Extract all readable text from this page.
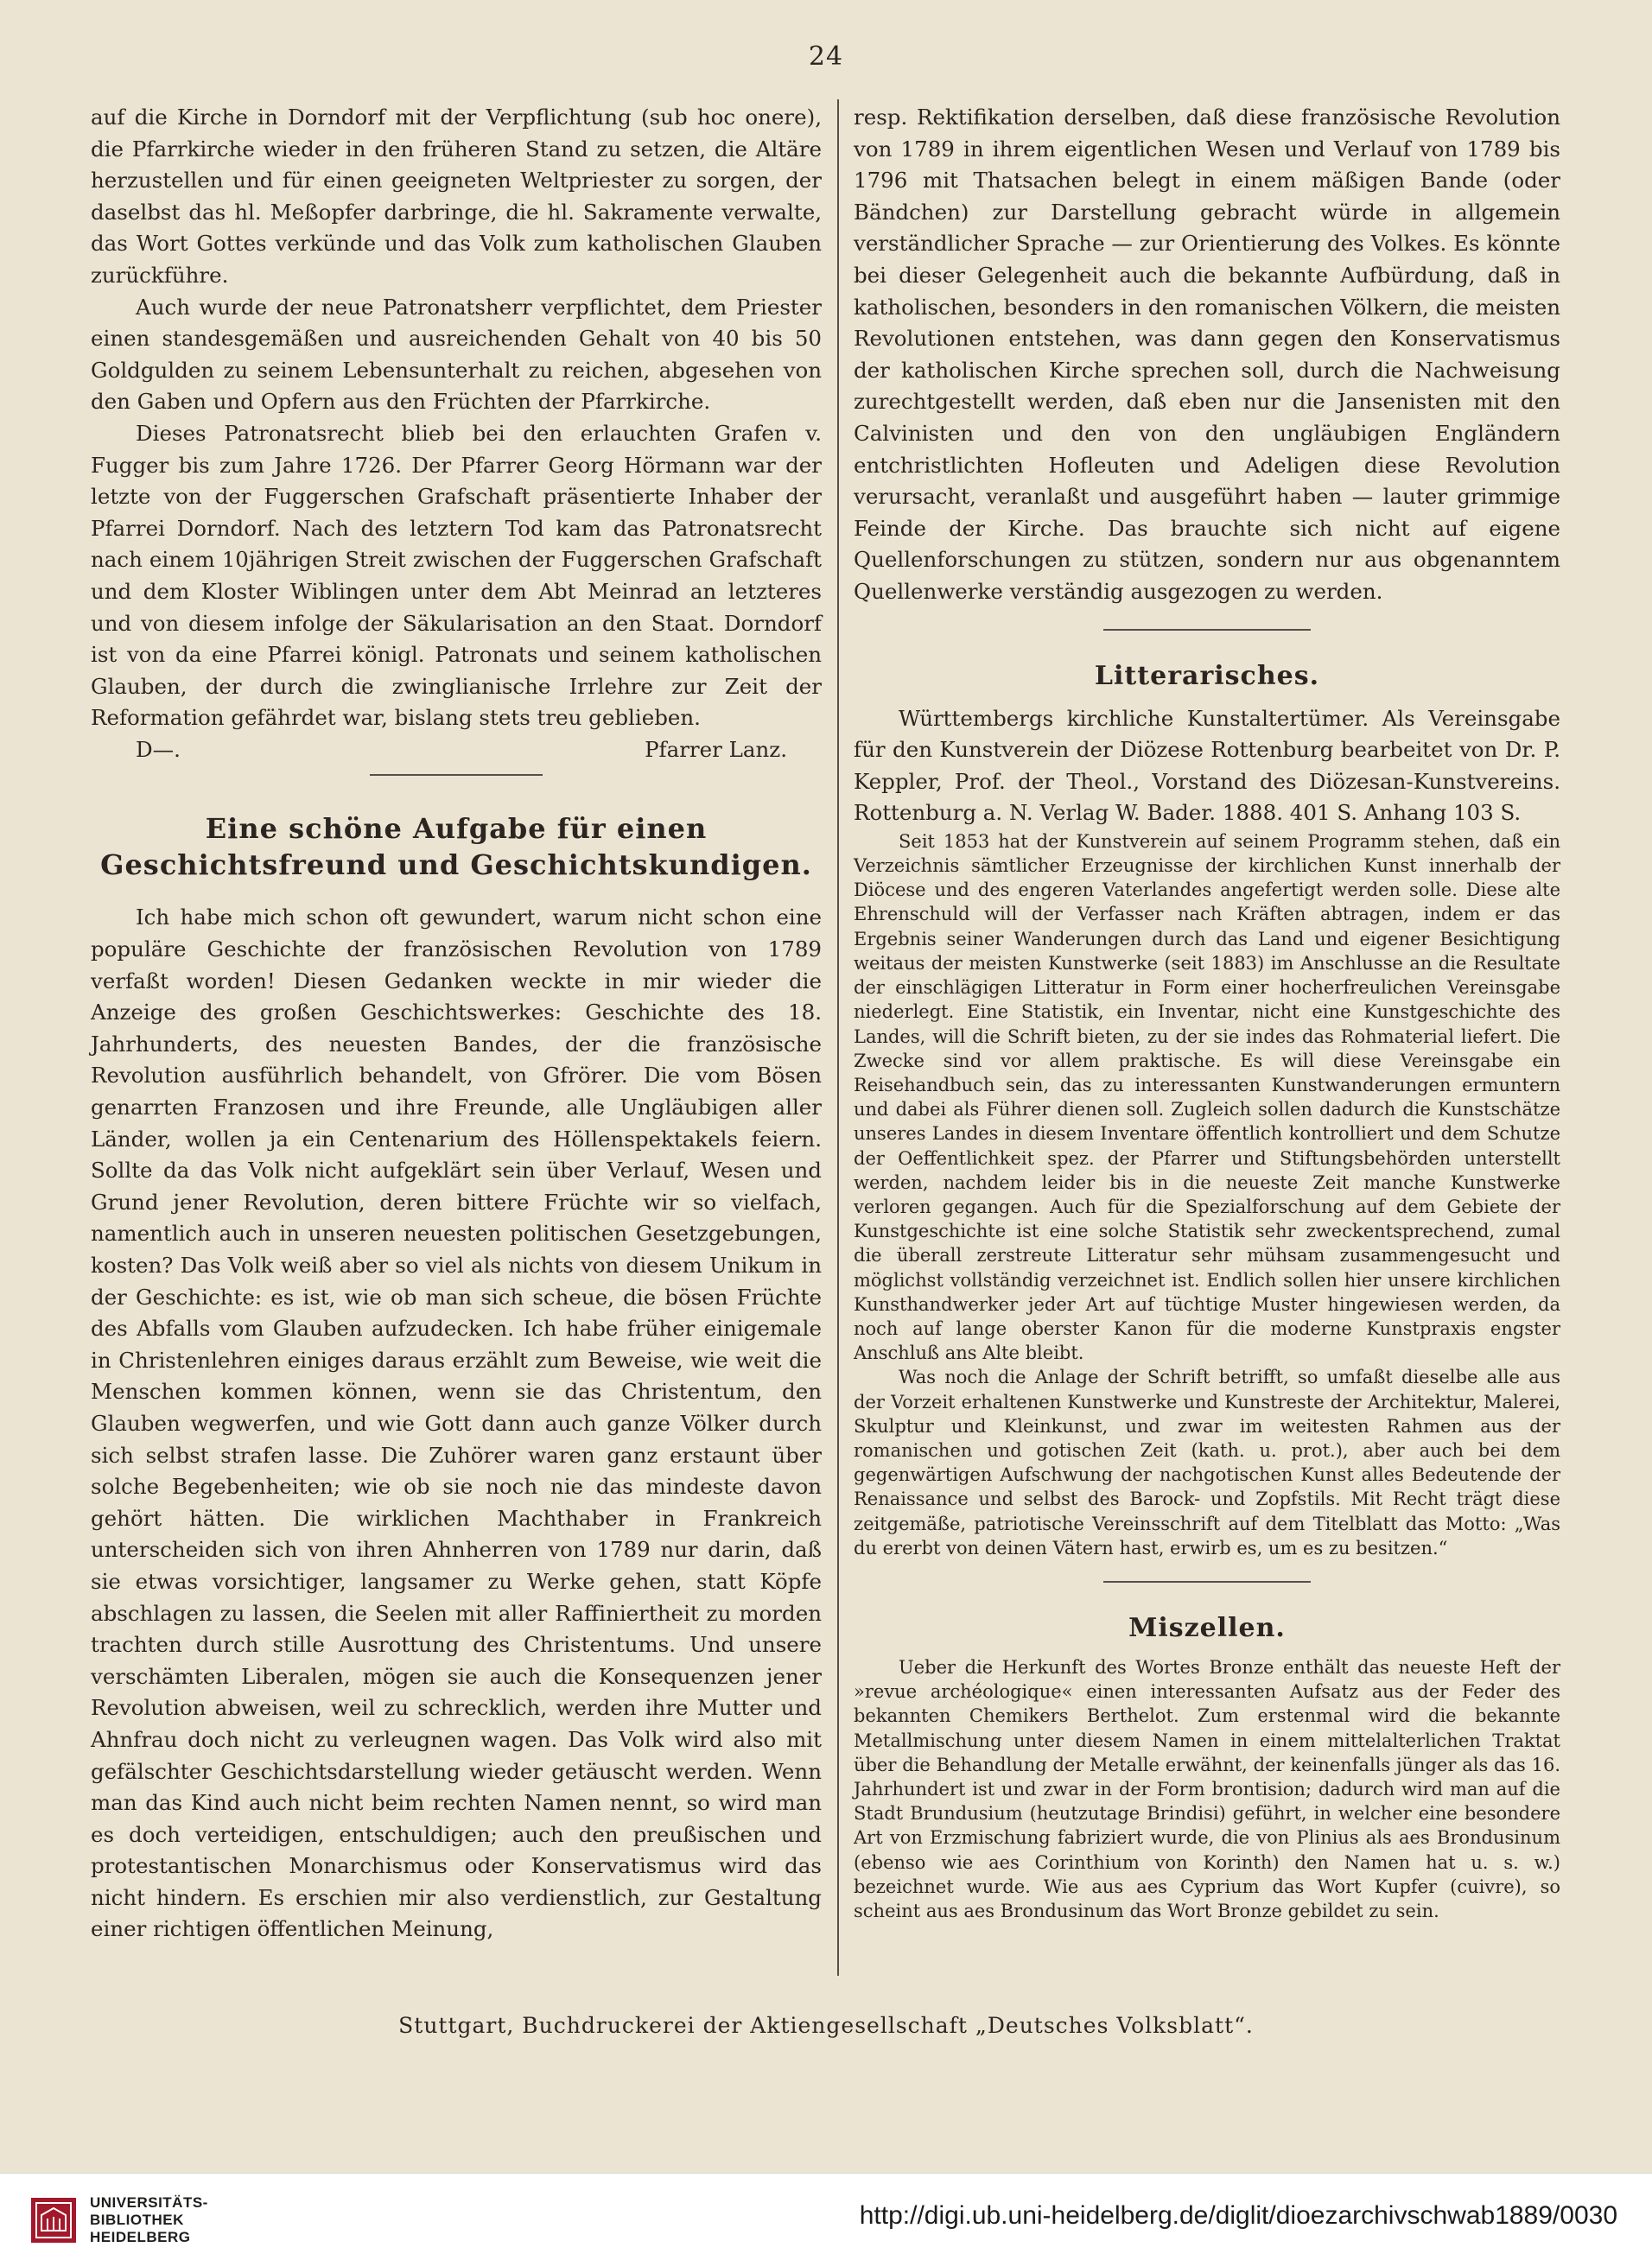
24

auf die Kirche in Dorndorf mit der Verpflichtung (sub hoc onere), die Pfarrkirche wieder in den früheren Stand zu setzen, die Altäre herzustellen und für einen geeigneten Weltpriester zu sorgen, der daselbst das hl. Meßopfer darbringe, die hl. Sakramente verwalte, das Wort Gottes verkünde und das Volk zum katholischen Glauben zurückführe.

Auch wurde der neue Patronatsherr verpflichtet, dem Priester einen standesgemäßen und ausreichenden Gehalt von 40 bis 50 Goldgulden zu seinem Lebensunterhalt zu reichen, abgesehen von den Gaben und Opfern aus den Früchten der Pfarrkirche.

Dieses Patronatsrecht blieb bei den erlauchten Grafen v. Fugger bis zum Jahre 1726. Der Pfarrer Georg Hörmann war der letzte von der Fuggerschen Grafschaft präsentierte Inhaber der Pfarrei Dorndorf. Nach des letztern Tod kam das Patronatsrecht nach einem 10jährigen Streit zwischen der Fuggerschen Grafschaft und dem Kloster Wiblingen unter dem Abt Meinrad an letzteres und von diesem infolge der Säkularisation an den Staat. Dorndorf ist von da eine Pfarrei königl. Patronats und seinem katholischen Glauben, der durch die zwinglianische Irrlehre zur Zeit der Reformation gefährdet war, bislang stets treu geblieben.

D—.	Pfarrer Lanz.
Eine schöne Aufgabe für einen Geschichtsfreund und Geschichtskundigen.

Ich habe mich schon oft gewundert, warum nicht schon eine populäre Geschichte der französischen Revolution von 1789 verfaßt worden! Diesen Gedanken weckte in mir wieder die Anzeige des großen Geschichtswerkes: Geschichte des 18. Jahrhunderts, des neuesten Bandes, der die französische Revolution ausführlich behandelt, von Gfrörer. Die vom Bösen genarrten Franzosen und ihre Freunde, alle Ungläubigen aller Länder, wollen ja ein Centenarium des Höllenspektakels feiern. Sollte da das Volk nicht aufgeklärt sein über Verlauf, Wesen und Grund jener Revolution, deren bittere Früchte wir so vielfach, namentlich auch in unseren neuesten politischen Gesetzgebungen, kosten? Das Volk weiß aber so viel als nichts von diesem Unikum in der Geschichte: es ist, wie ob man sich scheue, die bösen Früchte des Abfalls vom Glauben aufzudecken. Ich habe früher einigemale in Christenlehren einiges daraus erzählt zum Beweise, wie weit die Menschen kommen können, wenn sie das Christentum, den Glauben wegwerfen, und wie Gott dann auch ganze Völker durch sich selbst strafen lasse. Die Zuhörer waren ganz erstaunt über solche Begebenheiten; wie ob sie noch nie das mindeste davon gehört hätten. Die wirklichen Machthaber in Frankreich unterscheiden sich von ihren Ahnherren von 1789 nur darin, daß sie etwas vorsichtiger, langsamer zu Werke gehen, statt Köpfe abschlagen zu lassen, die Seelen mit aller Raffiniertheit zu morden trachten durch stille Ausrottung des Christentums. Und unsere verschämten Liberalen, mögen sie auch die Konsequenzen jener Revolution abweisen, weil zu schrecklich, werden ihre Mutter und Ahnfrau doch nicht zu verleugnen wagen. Das Volk wird also mit gefälschter Geschichtsdarstellung wieder getäuscht werden. Wenn man das Kind auch nicht beim rechten Namen nennt, so wird man es doch verteidigen, entschuldigen; auch den preußischen und protestantischen Monarchismus oder Konservatismus wird das nicht hindern. Es erschien mir also verdienstlich, zur Gestaltung einer richtigen öffentlichen Meinung,

resp. Rektifikation derselben, daß diese französische Revolution von 1789 in ihrem eigentlichen Wesen und Verlauf von 1789 bis 1796 mit Thatsachen belegt in einem mäßigen Bande (oder Bändchen) zur Darstellung gebracht würde in allgemein verständlicher Sprache — zur Orientierung des Volkes. Es könnte bei dieser Gelegenheit auch die bekannte Aufbürdung, daß in katholischen, besonders in den romanischen Völkern, die meisten Revolutionen entstehen, was dann gegen den Konservatismus der katholischen Kirche sprechen soll, durch die Nachweisung zurechtgestellt werden, daß eben nur die Jansenisten mit den Calvinisten und den von den ungläubigen Engländern entchristlichten Hofleuten und Adeligen diese Revolution verursacht, veranlaßt und ausgeführt haben — lauter grimmige Feinde der Kirche. Das brauchte sich nicht auf eigene Quellenforschungen zu stützen, sondern nur aus obgenanntem Quellenwerke verständig ausgezogen zu werden.

Litterarisches.

Württembergs kirchliche Kunstaltertümer. Als Vereinsgabe für den Kunstverein der Diözese Rottenburg bearbeitet von Dr. P. Keppler, Prof. der Theol., Vorstand des Diözesan-Kunstvereins. Rottenburg a. N. Verlag W. Bader. 1888. 401 S. Anhang 103 S.

Seit 1853 hat der Kunstverein auf seinem Programm stehen, daß ein Verzeichnis sämtlicher Erzeugnisse der kirchlichen Kunst innerhalb der Diöcese und des engeren Vaterlandes angefertigt werden solle. Diese alte Ehrenschuld will der Verfasser nach Kräften abtragen, indem er das Ergebnis seiner Wanderungen durch das Land und eigener Besichtigung weitaus der meisten Kunstwerke (seit 1883) im Anschlusse an die Resultate der einschlägigen Litteratur in Form einer hocherfreulichen Vereinsgabe niederlegt. Eine Statistik, ein Inventar, nicht eine Kunstgeschichte des Landes, will die Schrift bieten, zu der sie indes das Rohmaterial liefert. Die Zwecke sind vor allem praktische. Es will diese Vereinsgabe ein Reisehandbuch sein, das zu interessanten Kunstwanderungen ermuntern und dabei als Führer dienen soll. Zugleich sollen dadurch die Kunstschätze unseres Landes in diesem Inventare öffentlich kontrolliert und dem Schutze der Oeffentlichkeit spez. der Pfarrer und Stiftungsbehörden unterstellt werden, nachdem leider bis in die neueste Zeit manche Kunstwerke verloren gegangen. Auch für die Spezialforschung auf dem Gebiete der Kunstgeschichte ist eine solche Statistik sehr zweckentsprechend, zumal die überall zerstreute Litteratur sehr mühsam zusammengesucht und möglichst vollständig verzeichnet ist. Endlich sollen hier unsere kirchlichen Kunsthandwerker jeder Art auf tüchtige Muster hingewiesen werden, da noch auf lange oberster Kanon für die moderne Kunstpraxis engster Anschluß ans Alte bleibt.

Was noch die Anlage der Schrift betrifft, so umfaßt dieselbe alle aus der Vorzeit erhaltenen Kunstwerke und Kunstreste der Architektur, Malerei, Skulptur und Kleinkunst, und zwar im weitesten Rahmen aus der romanischen und gotischen Zeit (kath. u. prot.), aber auch bei dem gegenwärtigen Aufschwung der nachgotischen Kunst alles Bedeutende der Renaissance und selbst des Barock- und Zopfstils. Mit Recht trägt diese zeitgemäße, patriotische Vereinsschrift auf dem Titelblatt das Motto: „Was du ererbt von deinen Vätern hast, erwirb es, um es zu besitzen.“

Miszellen.

Ueber die Herkunft des Wortes Bronze enthält das neueste Heft der »revue archéologique« einen interessanten Aufsatz aus der Feder des bekannten Chemikers Berthelot. Zum erstenmal wird die bekannte Metallmischung unter diesem Namen in einem mittelalterlichen Traktat über die Behandlung der Metalle erwähnt, der keinenfalls jünger als das 16. Jahrhundert ist und zwar in der Form brontision; dadurch wird man auf die Stadt Brundusium (heutzutage Brindisi) geführt, in welcher eine besondere Art von Erzmischung fabriziert wurde, die von Plinius als aes Brondusinum (ebenso wie aes Corinthium von Korinth) den Namen hat u. s. w.) bezeichnet wurde. Wie aus aes Cyprium das Wort Kupfer (cuivre), so scheint aus aes Brondusinum das Wort Bronze gebildet zu sein.

Stuttgart, Buchdruckerei der Aktiengesellschaft „Deutsches Volksblatt“.
UNIVERSITÄTS-
BIBLIOTHEK
HEIDELBERG
http://digi.ub.uni-heidelberg.de/diglit/dioezarchivschwab1889/0030
